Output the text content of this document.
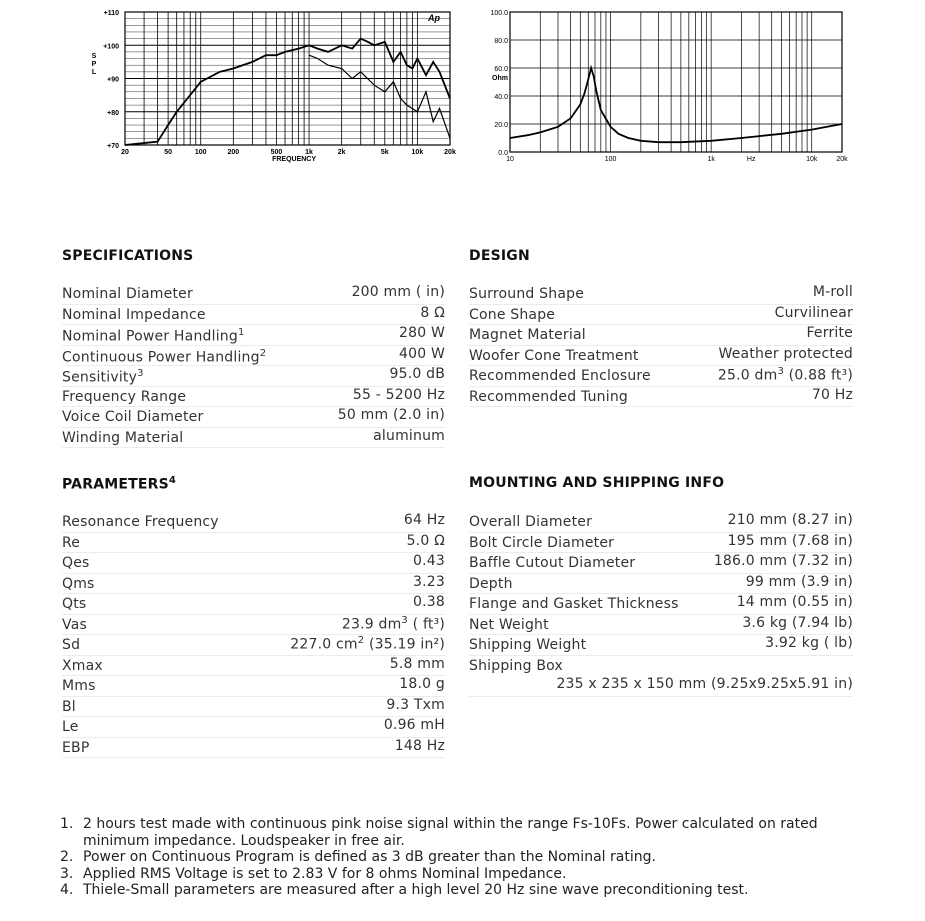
+70
+80
+90
+100
+110
20	50	100	200	500	1k	2k	5k	10k	20k
FREQUENCY
S
P
L
Ap
0.0
20.0
40.0
60.0
80.0
100.0
Ohm
10	100	1k	Hz	10k	20k
SPECIFICATIONS	DESIGN
PARAMETERS$^4$	MOUNTING AND SHIPPING INFO
Nominal Diameter	200 mm ( in)
Nominal Impedance	8 Ω
Nominal Power Handling$^1$	280 W
Continuous Power Handling$^2$	400 W
Sensitivity$^3$	95.0 dB
Frequency Range	55 - 5200 Hz
Voice Coil Diameter	50 mm (2.0 in)
Winding Material	aluminum
Surround Shape	M-roll
Cone Shape	Curvilinear
Magnet Material	Ferrite
Woofer Cone Treatment	Weather protected
Recommended Enclosure	25.0 $dm^3$ (0.88 ft³)
Recommended Tuning	70 Hz
Resonance Frequency	64 Hz
Re	5.0 Ω
Qes	0.43
Qms	3.23
Qts	0.38
Vas	23.9 $dm^3$ ( ft³)
Sd	227.0 $cm^2$ (35.19 in²)
Xmax	5.8 mm
Mms	18.0 g
Bl	9.3 Txm
Le	0.96 mH
EBP	148 Hz
Overall Diameter	210 mm (8.27 in)
Bolt Circle Diameter	195 mm (7.68 in)
Baffle Cutout Diameter	186.0 mm (7.32 in)
Depth	99 mm (3.9 in)
Flange and Gasket Thickness	14 mm (0.55 in)
Net Weight	3.6 kg (7.94 lb)
Shipping Weight	3.92 kg ( lb)
Shipping Box
235 x 235 x 150 mm (9.25x9.25x5.91 in)
1. 2 hours test made with continuous pink noise signal within the range Fs-10Fs. Power calculated on rated minimum impedance. Loudspeaker in free air.
2. Power on Continuous Program is defined as 3 dB greater than the Nominal rating.
3. Applied RMS Voltage is set to 2.83 V for 8 ohms Nominal Impedance.
4. Thiele-Small parameters are measured after a high level 20 Hz sine wave preconditioning test.
